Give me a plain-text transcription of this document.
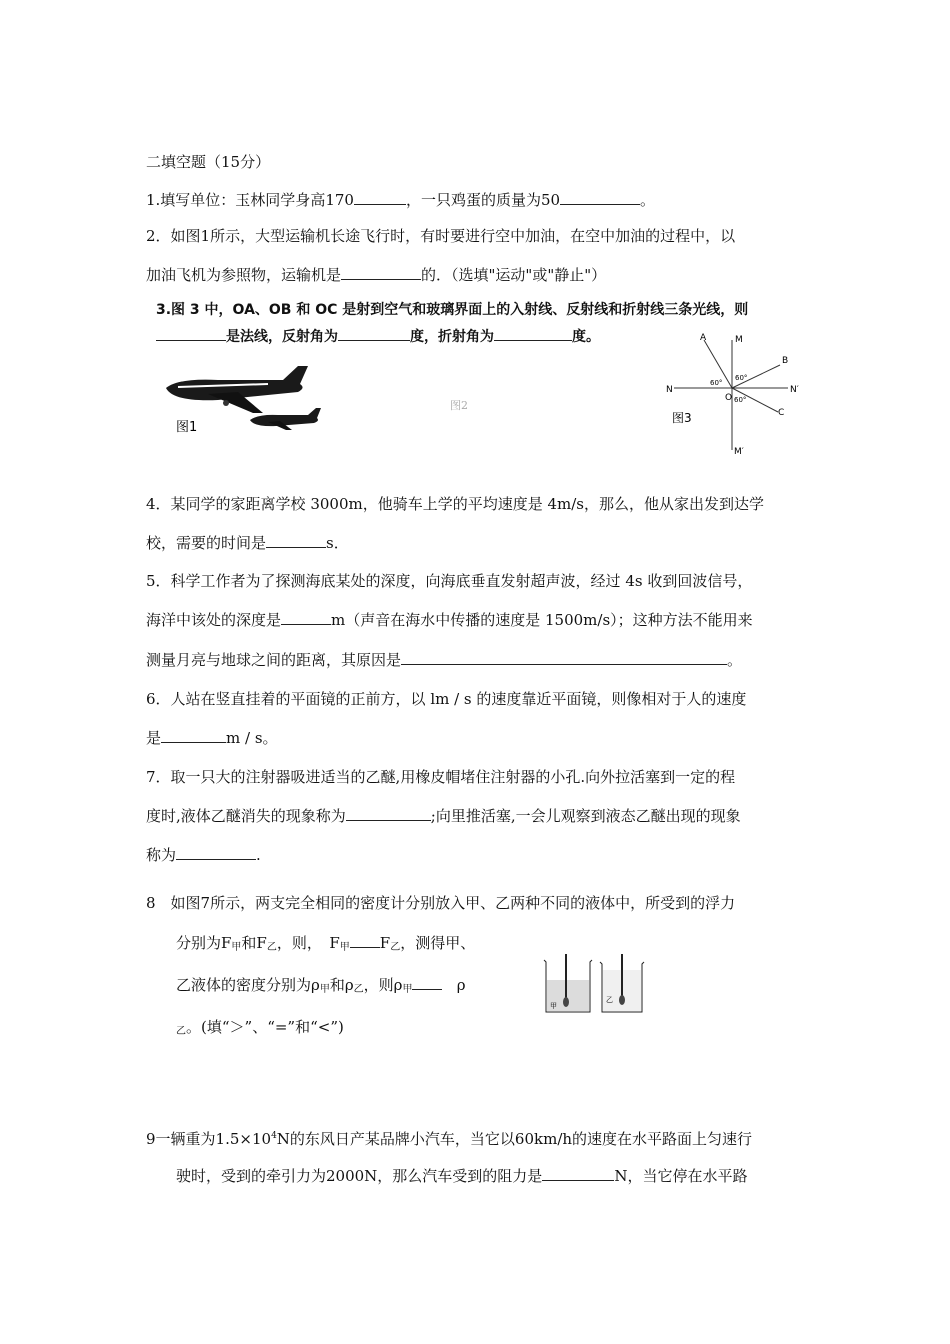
二填空题（15分）
1.填写单位：玉林同学身高170	，一只鸡蛋的质量为50	。
2．如图1所示，大型运输机长途飞行时，有时要进行空中加油，在空中加油的过程中，以
加油飞机为参照物，运输机是	的．（选填"运动"或"静止"）
3.图 3 中，OA、OB 和 OC 是射到空气和玻璃界面上的入射线、反射线和折射线三条光线，则
是法线，反射角为	度，折射角为	度。
图1
图2
A	M
B
N	N′
C
O
M′
60°
60°
60°
图3
4．某同学的家距离学校 3000m，他骑车上学的平均速度是 4m/s，那么，他从家出发到达学
校，需要的时间是	s．
5．科学工作者为了探测海底某处的深度，向海底垂直发射超声波，经过 4s 收到回波信号，
海洋中该处的深度是	m（声音在海水中传播的速度是 1500m/s）；这种方法不能用来
测量月亮与地球之间的距离，其原因是	。
6．人站在竖直挂着的平面镜的正前方，以 lm / s 的速度靠近平面镜，则像相对于人的速度
是	m / s。
7．取一只大的注射器吸进适当的乙醚,用橡皮帽堵住注射器的小孔.向外拉活塞到一定的程
度时,液体乙醚消失的现象称为	;向里推活塞,一会儿观察到液态乙醚出现的现象
称为	.
8　如图7所示，两支完全相同的密度计分别放入甲、乙两种不同的液体中，所受到的浮力
分别为$F_甲$和$F_乙$，则，　$F_甲$ $F_乙$，测得甲、
乙液体的密度分别为$\rho_甲$和$\rho_乙$，则$\rho_甲$	ρ
$_乙$。(填“＞”、“=”和“<”)
甲
乙
9一辆重为$1.5\times 10^4N$的东风日产某品牌小汽车，当它以60km/h的速度在水平路面上匀速行
驶时，受到的牵引力为2000N，那么汽车受到的阻力是	N，当它停在水平路
